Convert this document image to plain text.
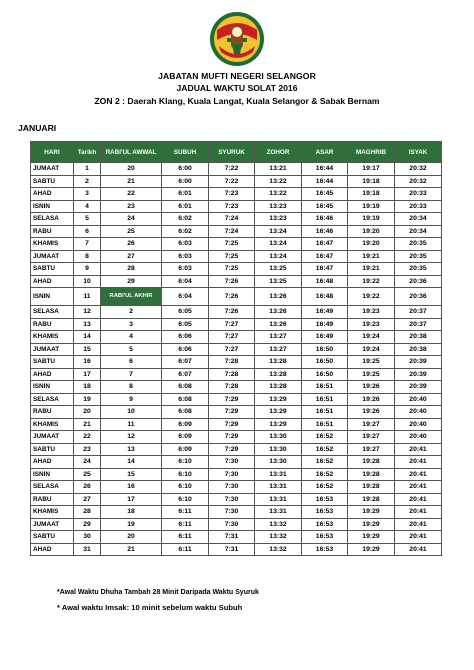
JABATAN MUFTI NEGERI SELANGOR
JADUAL WAKTU SOLAT 2016
ZON 2 : Daerah Klang, Kuala Langat, Kuala Selangor & Sabak Bernam
JANUARI
HARI	Tarikh	RABI'UL AWWAL	SUBUH	SYURUK	ZOHOR	ASAR	MAGHRIB	ISYAK
JUMAAT	1	20	6:00	7:22	13:21	16:44	19:17	20:32
SABTU	2	21	6:00	7:22	13:22	16:44	19:18	20:32
AHAD	3	22	6:01	7:23	13:22	16:45	19:18	20:33
ISNIN	4	23	6:01	7:23	13:23	16:45	19:19	20:33
SELASA	5	24	6:02	7:24	13:23	16:46	19:19	20:34
RABU	6	25	6:02	7:24	13:24	16:46	19:20	20:34
KHAMIS	7	26	6:03	7:25	13:24	16:47	19:20	20:35
JUMAAT	8	27	6:03	7:25	13:24	16:47	19:21	20:35
SABTU	9	28	6:03	7:25	13:25	16:47	19:21	20:35
AHAD	10	29	6:04	7:26	13:25	16:48	19:22	20:36
ISNIN	11	RABI'UL AKHIR	6:04	7:26	13:26	16:48	19:22	20:36
SELASA	12	2	6:05	7:26	13:26	16:49	19:23	20:37
RABU	13	3	6:05	7:27	13:26	16:49	19:23	20:37
KHAMIS	14	4	6:06	7:27	13:27	16:49	19:24	20:38
JUMAAT	15	5	6:06	7:27	13:27	16:50	19:24	20:38
SABTU	16	6	6:07	7:28	13:28	16:50	19:25	20:39
AHAD	17	7	6:07	7:28	13:28	16:50	19:25	20:39
ISNIN	18	8	6:08	7:28	13:28	16:51	19:26	20:39
SELASA	19	9	6:08	7:29	13:29	16:51	19:26	20:40
RABU	20	10	6:08	7:29	13:29	16:51	19:26	20:40
KHAMIS	21	11	6:09	7:29	13:29	16:51	19:27	20:40
JUMAAT	22	12	6:09	7:29	13:30	16:52	19:27	20:40
SABTU	23	13	6:09	7:29	13:30	16:52	19:27	20:41
AHAD	24	14	6:10	7:30	13:30	16:52	19:28	20:41
ISNIN	25	15	6:10	7:30	13:31	16:52	19:28	20:41
SELASA	26	16	6:10	7:30	13:31	16:52	19:28	20:41
RABU	27	17	6:10	7:30	13:31	16:53	19:28	20:41
KHAMIS	28	18	6:11	7:30	13:31	16:53	19:29	20:41
JUMAAT	29	19	6:11	7:30	13:32	16:53	19:29	20:41
SABTU	30	20	6:11	7:31	13:32	16:53	19:29	20:41
AHAD	31	21	6:11	7:31	13:32	16:53	19:29	20:41
*Awal Waktu Dhuha Tambah 28 Minit Daripada Waktu Syuruk
* Awal waktu Imsak: 10 minit sebelum waktu Subuh
